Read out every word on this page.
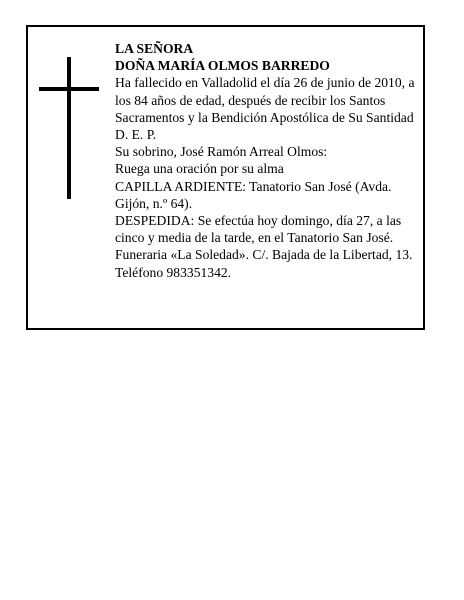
LA SEÑORA
DOÑA MARÍA OLMOS BARREDO
Ha fallecido en Valladolid el día 26 de junio de 2010, a
los 84 años de edad, después de recibir los Santos
Sacramentos y la Bendición Apostólica de Su Santidad
D. E. P.
Su sobrino, José Ramón Arreal Olmos:
Ruega una oración por su alma
CAPILLA ARDIENTE: Tanatorio San José (Avda.
Gijón, n.º 64).
DESPEDIDA: Se efectúa hoy domingo, día 27, a las
cinco y media de la tarde, en el Tanatorio San José.
Funeraria «La Soledad». C/. Bajada de la Libertad, 13.
Teléfono 983351342.
